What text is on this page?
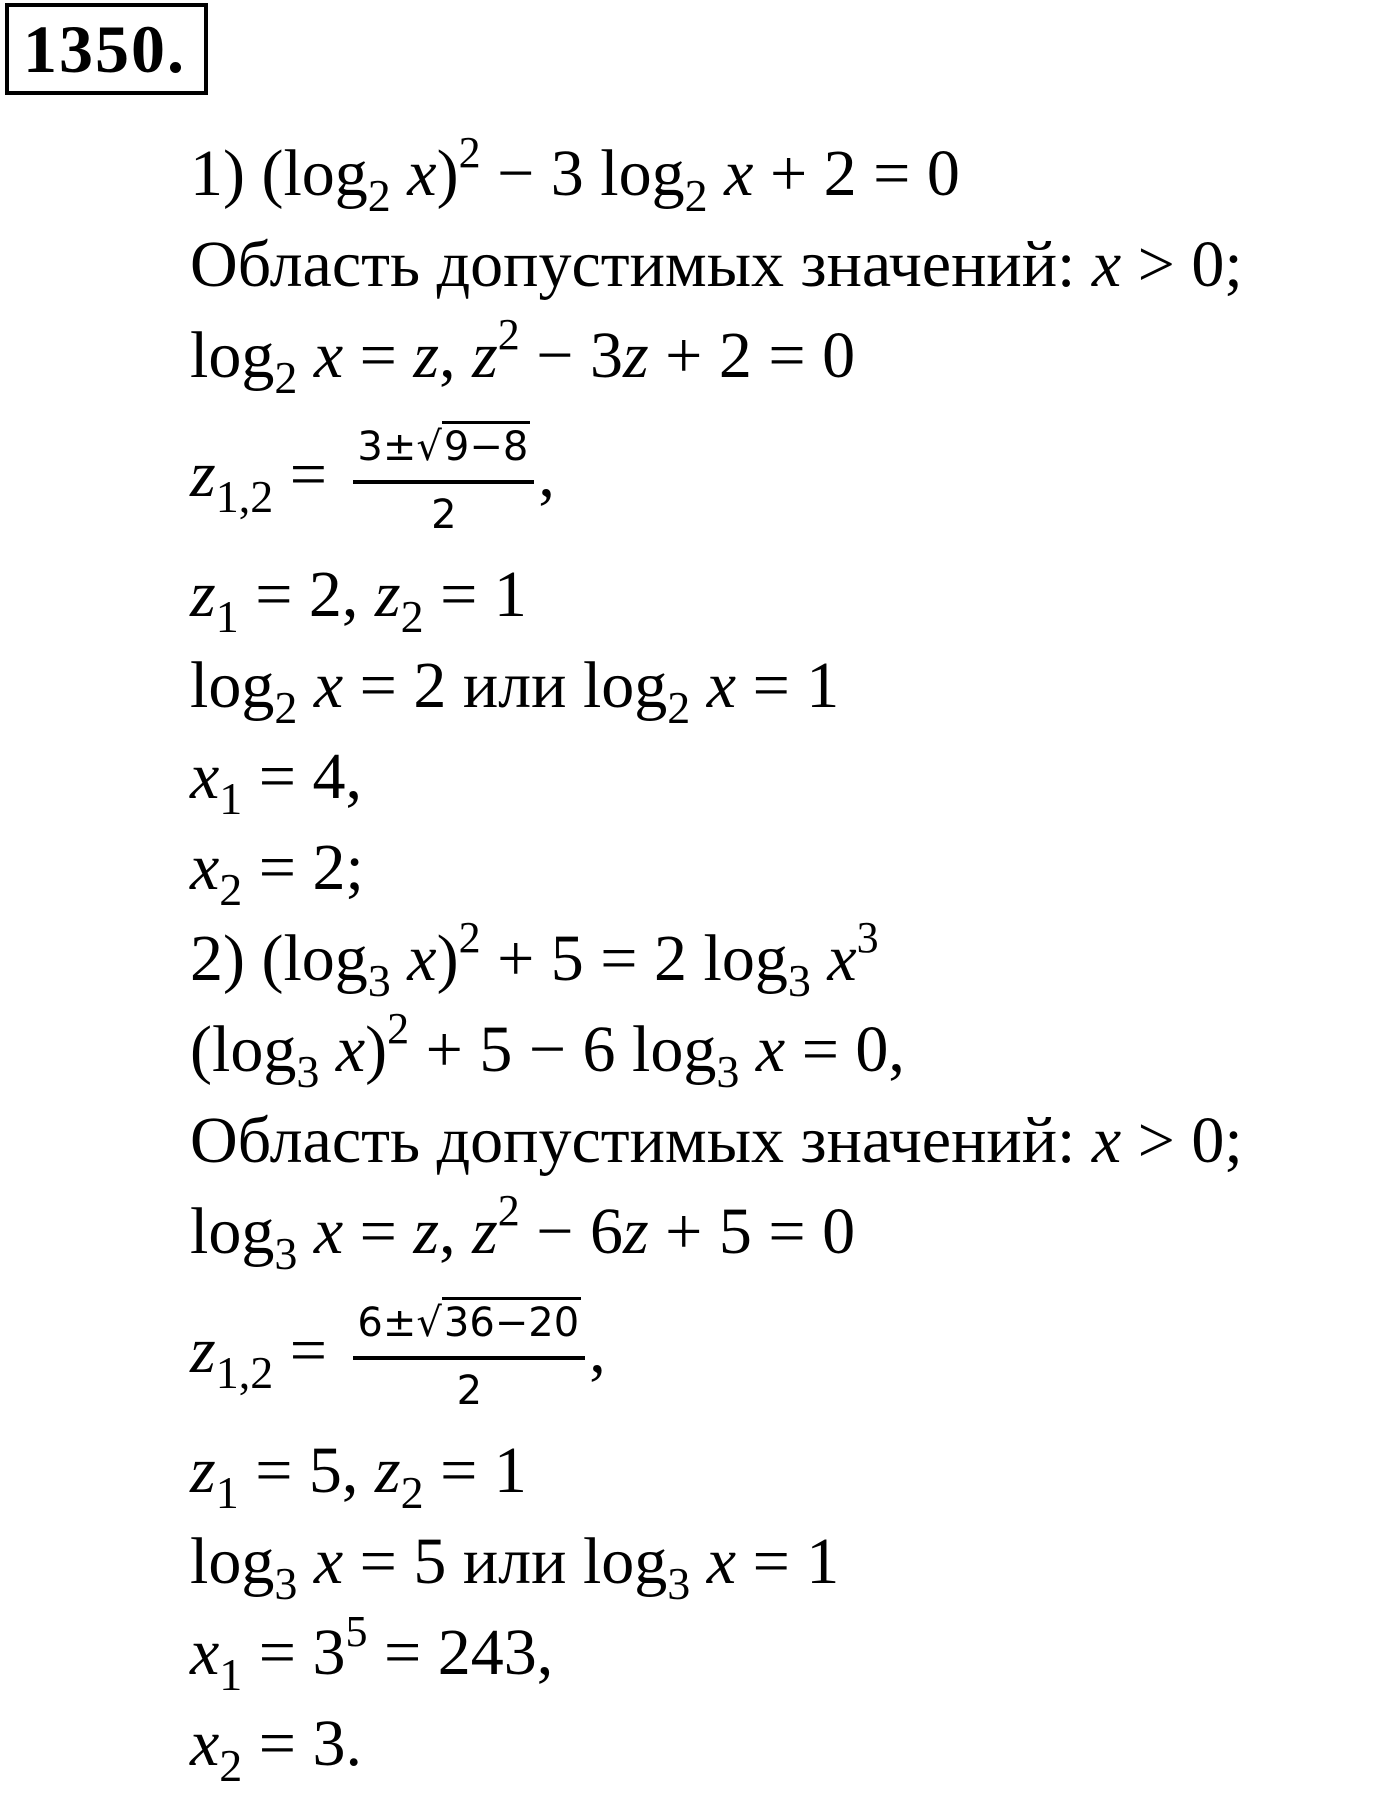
1350.
1) ($\log_2$ x)$^2$ − 3 $\log_2 x + 2 = 0$
Область допустимых значений: x > 0;
$\log_2 x = z$, $z^2 - 3z + 2 = 0$
$z_{1,2} = \frac{3\pm√9-8}{2}$ ,
$z_1 = 2$, $z_2 = 1$
$\log_2 x = 2$ или $\log_2 x = 1$
$x_1 = 4$,
$x_2 = 2$;
2) ($\log_3$ x)$^2$ + 5 = 2 $\log_3 x^3$
($\log_3$ x)$^2$ + 5 − 6 $\log_3 x = 0$,
Область допустимых значений: x > 0;
$\log_3 x = z$, $z^2 - 6z + 5 = 0$
$z_{1,2} = \frac{6\pm√36-20}{2}$ ,
$z_1 = 5$, $z_2 = 1$
$\log_3 x = 5$ или $\log_3 x = 1$
$x_1 = 3^5 = 243$,
$x_2 = 3$.
